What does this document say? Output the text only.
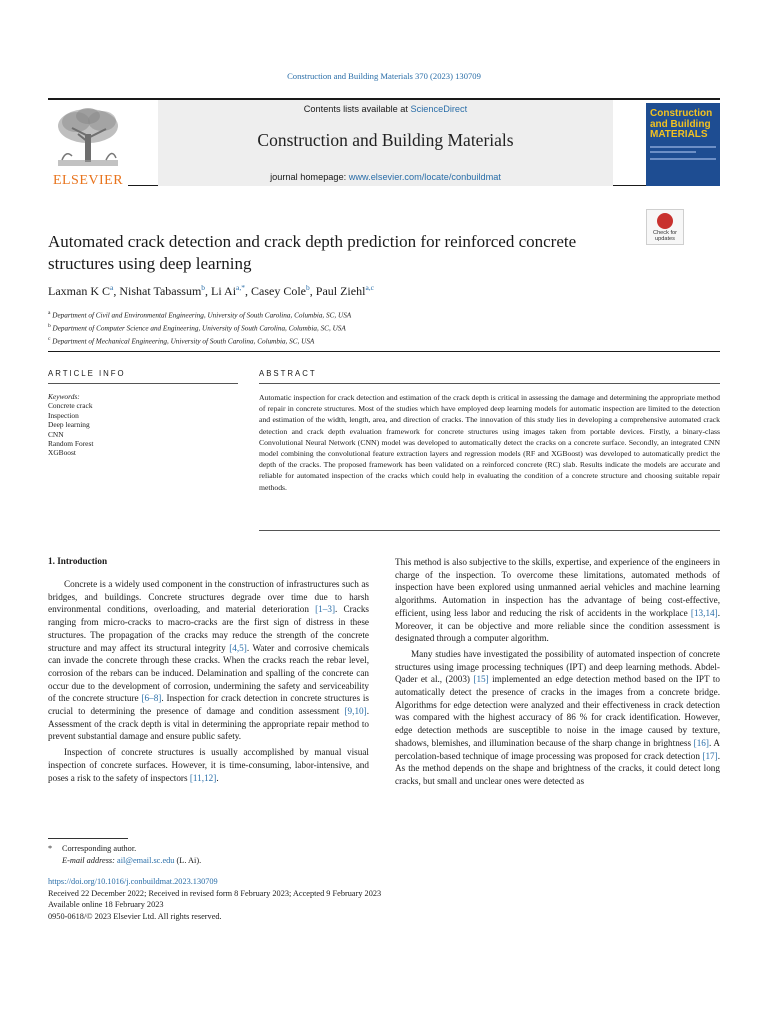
Construction and Building Materials 370 (2023) 130709
ELSEVIER
Contents lists available at ScienceDirect
Construction and Building Materials
journal homepage: www.elsevier.com/locate/conbuildmat
Construction and Building MATERIALS
Check for updates
Automated crack detection and crack depth prediction for reinforced concrete structures using deep learning
Laxman K $C^a$, Nishat Tabassum$^b$, Li $Ai^{a,*}$, Casey Cole$^b$, Paul Ziehl$^{a,c}$
$^a$ Department of Civil and Environmental Engineering, University of South Carolina, Columbia, SC, USA
$^b$ Department of Computer Science and Engineering, University of South Carolina, Columbia, SC, USA
$^c$ Department of Mechanical Engineering, University of South Carolina, Columbia, SC, USA
ARTICLE INFO	ABSTRACT
Keywords:
Concrete crack
Inspection
Deep learning
CNN
Random Forest
XGBoost
Automatic inspection for crack detection and estimation of the crack depth is critical in assessing the damage and determining the appropriate method of repair in concrete structures. Most of the studies which have employed deep learning models for automatic inspection are limited to the detection and estimation of the width, length, area, and direction of cracks. The innovation of this study lies in developing a comprehensive automated crack detection and crack depth evaluation framework for concrete structures using images taken from portable devices. Firstly, a binary-class Convolutional Neural Network (CNN) model was developed to automatically detect the cracks on a concrete surface. Secondly, an integrated CNN model combining the convolutional feature extraction layers and regression models (RF and XGBoost) was developed to automatically predict the depth of the cracks. The proposed framework has been validated on a reinforced concrete (RC) slab. Results indicate the models are accurate and reliable for automated inspection of the cracks which could help in evaluating the condition of a concrete structure and choosing suitable repair methods.
1. Introduction

Concrete is a widely used component in the construction of infrastructures such as bridges, and buildings. Concrete structures degrade over time due to harsh environmental conditions, overloading, and material deterioration [1–3]. Cracks ranging from micro-cracks to macro-cracks are the first sign of distress in these structures. The propagation of the cracks may reduce the strength of the concrete structure and may affect its structural integrity [4,5]. Water and corrosive chemicals can invade the concrete through these cracks. When the cracks reach the rebar level, corrosion of the rebars can be induced. Delamination and spalling of the concrete can occur due to the development of corrosion, undermining the safety and serviceability of the concrete structure [6–8]. Inspection for crack detection in concrete structures is crucial to determining the presence of damage and condition assessment [9,10]. Assessment of the crack depth is vital in determining the appropriate repair method to prevent substantial damage and ensure public safety.

Inspection of concrete structures is usually accomplished by manual visual inspection of concrete surfaces. However, it is time-consuming, labor-intensive, and poses a risk to the safety of inspectors [11,12].

This method is also subjective to the skills, expertise, and experience of the engineers in charge of the inspection. To overcome these limitations, automated methods of inspection have been explored using unmanned aerial vehicles and machine learning algorithms. Automation in inspection has the advantage of being cost-effective, efficient, using less labor and reducing the risk of accidents in the workplace [13,14]. Moreover, it can be objective and more reliable since the condition assessment is designated through a computer algorithm.

Many studies have investigated the possibility of automated inspection of concrete structures using image processing techniques (IPT) and deep learning methods. Abdel-Qader et al., (2003) [15] implemented an edge detection method based on the IPT to automatically detect the presence of cracks in the images from a concrete bridge. Algorithms for edge detection were analyzed and their effectiveness in crack detection was compared with the highest accuracy of 86 % for crack identification. However, edge detection methods are susceptible to noise in the image caused by texture, shadows, blemishes, and illumination because of the sharp change in brightness [16]. A percolation-based technique of image processing was proposed for crack detection [17]. As the method depends on the shape and brightness of the cracks, it could detect long cracks, but small and unclear ones were detected as

* Corresponding author.
E-mail address: ail@email.sc.edu (L. Ai).
https://doi.org/10.1016/j.conbuildmat.2023.130709
Received 22 December 2022; Received in revised form 8 February 2023; Accepted 9 February 2023
Available online 18 February 2023
0950-0618/© 2023 Elsevier Ltd. All rights reserved.
